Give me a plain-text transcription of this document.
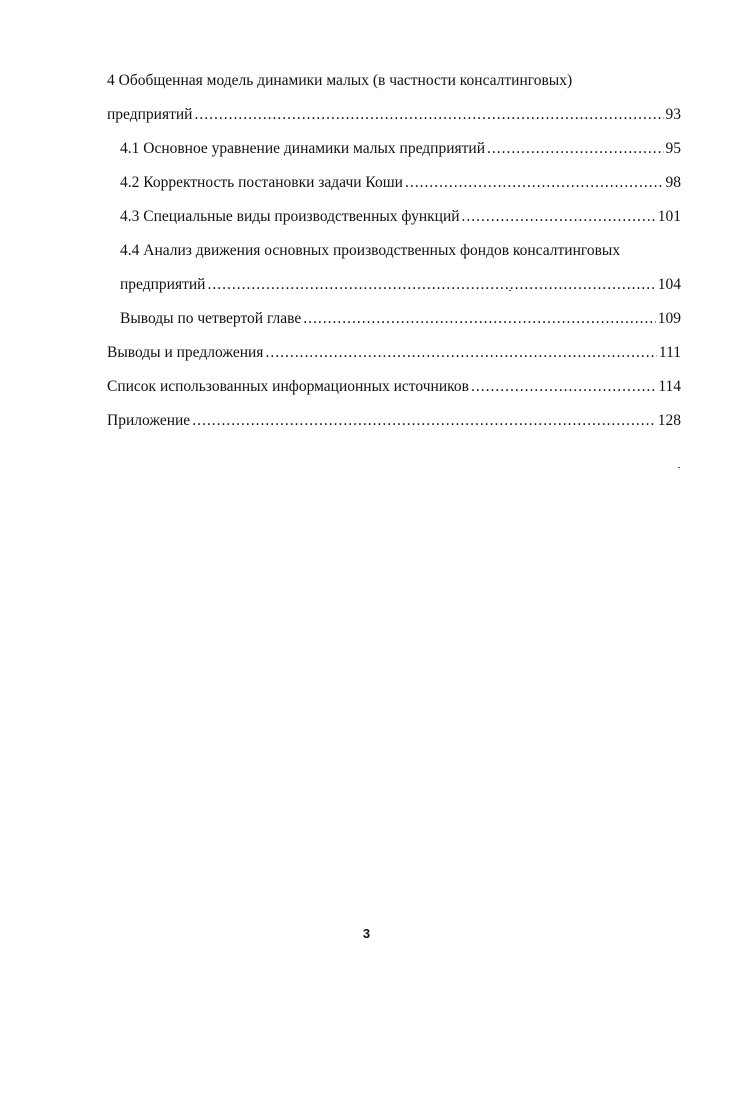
4 Обобщенная модель динамики малых (в частности консалтинговых)
предприятий .....	93
4.1 Основное уравнение динамики малых предприятий .....	95
4.2 Корректность постановки задачи Коши .....	98
4.3 Специальные виды производственных функций .....	101
4.4 Анализ движения основных производственных фондов консалтинговых
предприятий .....	104
Выводы по четвертой главе .....	109
Выводы и предложения .....	111
Список использованных информационных источников .....	114
Приложение .....	128
3
